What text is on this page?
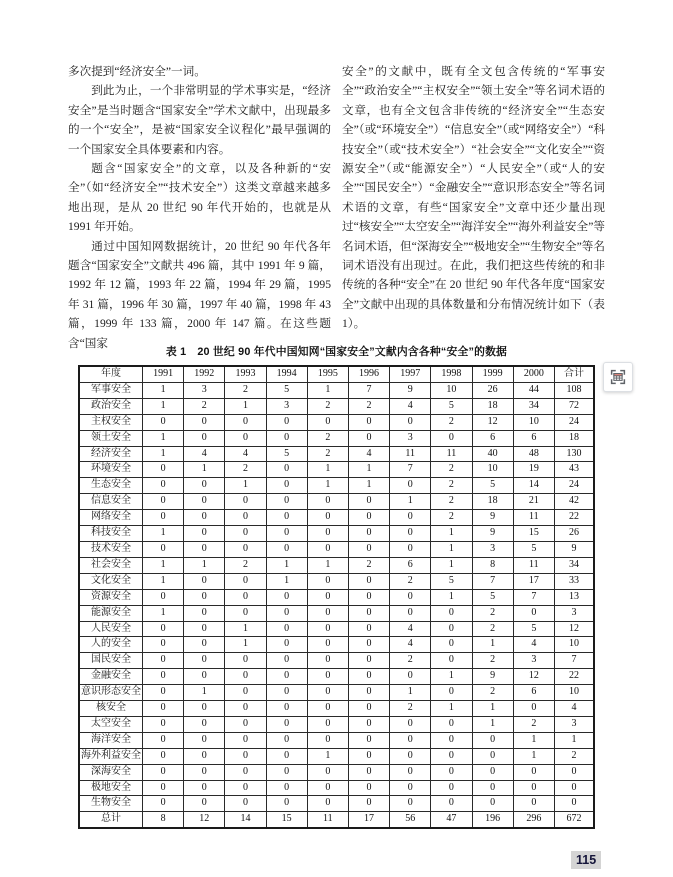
多次提到“经济安全”一词。

到此为止，一个非常明显的学术事实是，“经济安全”是当时题含“国家安全”学术文献中，出现最多的一个“安全”，是被“国家安全议程化”最早强调的一个国家安全具体要素和内容。

题含“国家安全”的文章，以及各种新的“安全”（如“经济安全”“技术安全”）这类文章越来越多地出现，是从 20 世纪 90 年代开始的，也就是从 1991 年开始。

通过中国知网数据统计，20 世纪 90 年代各年题含“国家安全”文献共 496 篇，其中 1991 年 9 篇，1992 年 12 篇，1993 年 22 篇，1994 年 29 篇，1995 年 31 篇，1996 年 30 篇，1997 年 40 篇，1998 年 43 篇，1999 年 133 篇，2000 年 147 篇。在这些题含“国家

安全”的文献中，既有全文包含传统的“军事安全”“政治安全”“主权安全”“领土安全”等名词术语的文章，也有全文包含非传统的“经济安全”“生态安全”（或“环境安全”）“信息安全”（或“网络安全”）“科技安全”（或“技术安全”）“社会安全”“文化安全”“资源安全”（或“能源安全”）“人民安全”（或“人的安全”“国民安全”）“金融安全”“意识形态安全”等名词术语的文章，有些“国家安全”文章中还少量出现过“核安全”“太空安全”“海洋安全”“海外利益安全”等名词术语，但“深海安全”“极地安全”“生物安全”等名词术语没有出现过。在此，我们把这些传统的和非传统的各种“安全”在 20 世纪 90 年代各年度“国家安全”文献中出现的具体数量和分布情况统计如下（表 1）。

表 1　20 世纪 90 年代中国知网“国家安全”文献内含各种“安全”的数据
年度	1991	1992	1993	1994	1995	1996	1997	1998	1999	2000	合计
军事安全	1	3	2	5	1	7	9	10	26	44	108
政治安全	1	2	1	3	2	2	4	5	18	34	72
主权安全	0	0	0	0	0	0	0	2	12	10	24
领土安全	1	0	0	0	2	0	3	0	6	6	18
经济安全	1	4	4	5	2	4	11	11	40	48	130
环境安全	0	1	2	0	1	1	7	2	10	19	43
生态安全	0	0	1	0	1	1	0	2	5	14	24
信息安全	0	0	0	0	0	0	1	2	18	21	42
网络安全	0	0	0	0	0	0	0	2	9	11	22
科技安全	1	0	0	0	0	0	0	1	9	15	26
技术安全	0	0	0	0	0	0	0	1	3	5	9
社会安全	1	1	2	1	1	2	6	1	8	11	34
文化安全	1	0	0	1	0	0	2	5	7	17	33
资源安全	0	0	0	0	0	0	0	1	5	7	13
能源安全	1	0	0	0	0	0	0	0	2	0	3
人民安全	0	0	1	0	0	0	4	0	2	5	12
人的安全	0	0	1	0	0	0	4	0	1	4	10
国民安全	0	0	0	0	0	0	2	0	2	3	7
金融安全	0	0	0	0	0	0	0	1	9	12	22
意识形态安全	0	1	0	0	0	0	1	0	2	6	10
核安全	0	0	0	0	0	0	2	1	1	0	4
太空安全	0	0	0	0	0	0	0	0	1	2	3
海洋安全	0	0	0	0	0	0	0	0	0	1	1
海外利益安全	0	0	0	0	1	0	0	0	0	1	2
深海安全	0	0	0	0	0	0	0	0	0	0	0
极地安全	0	0	0	0	0	0	0	0	0	0	0
生物安全	0	0	0	0	0	0	0	0	0	0	0
总计	8	12	14	15	11	17	56	47	196	296	672
115
